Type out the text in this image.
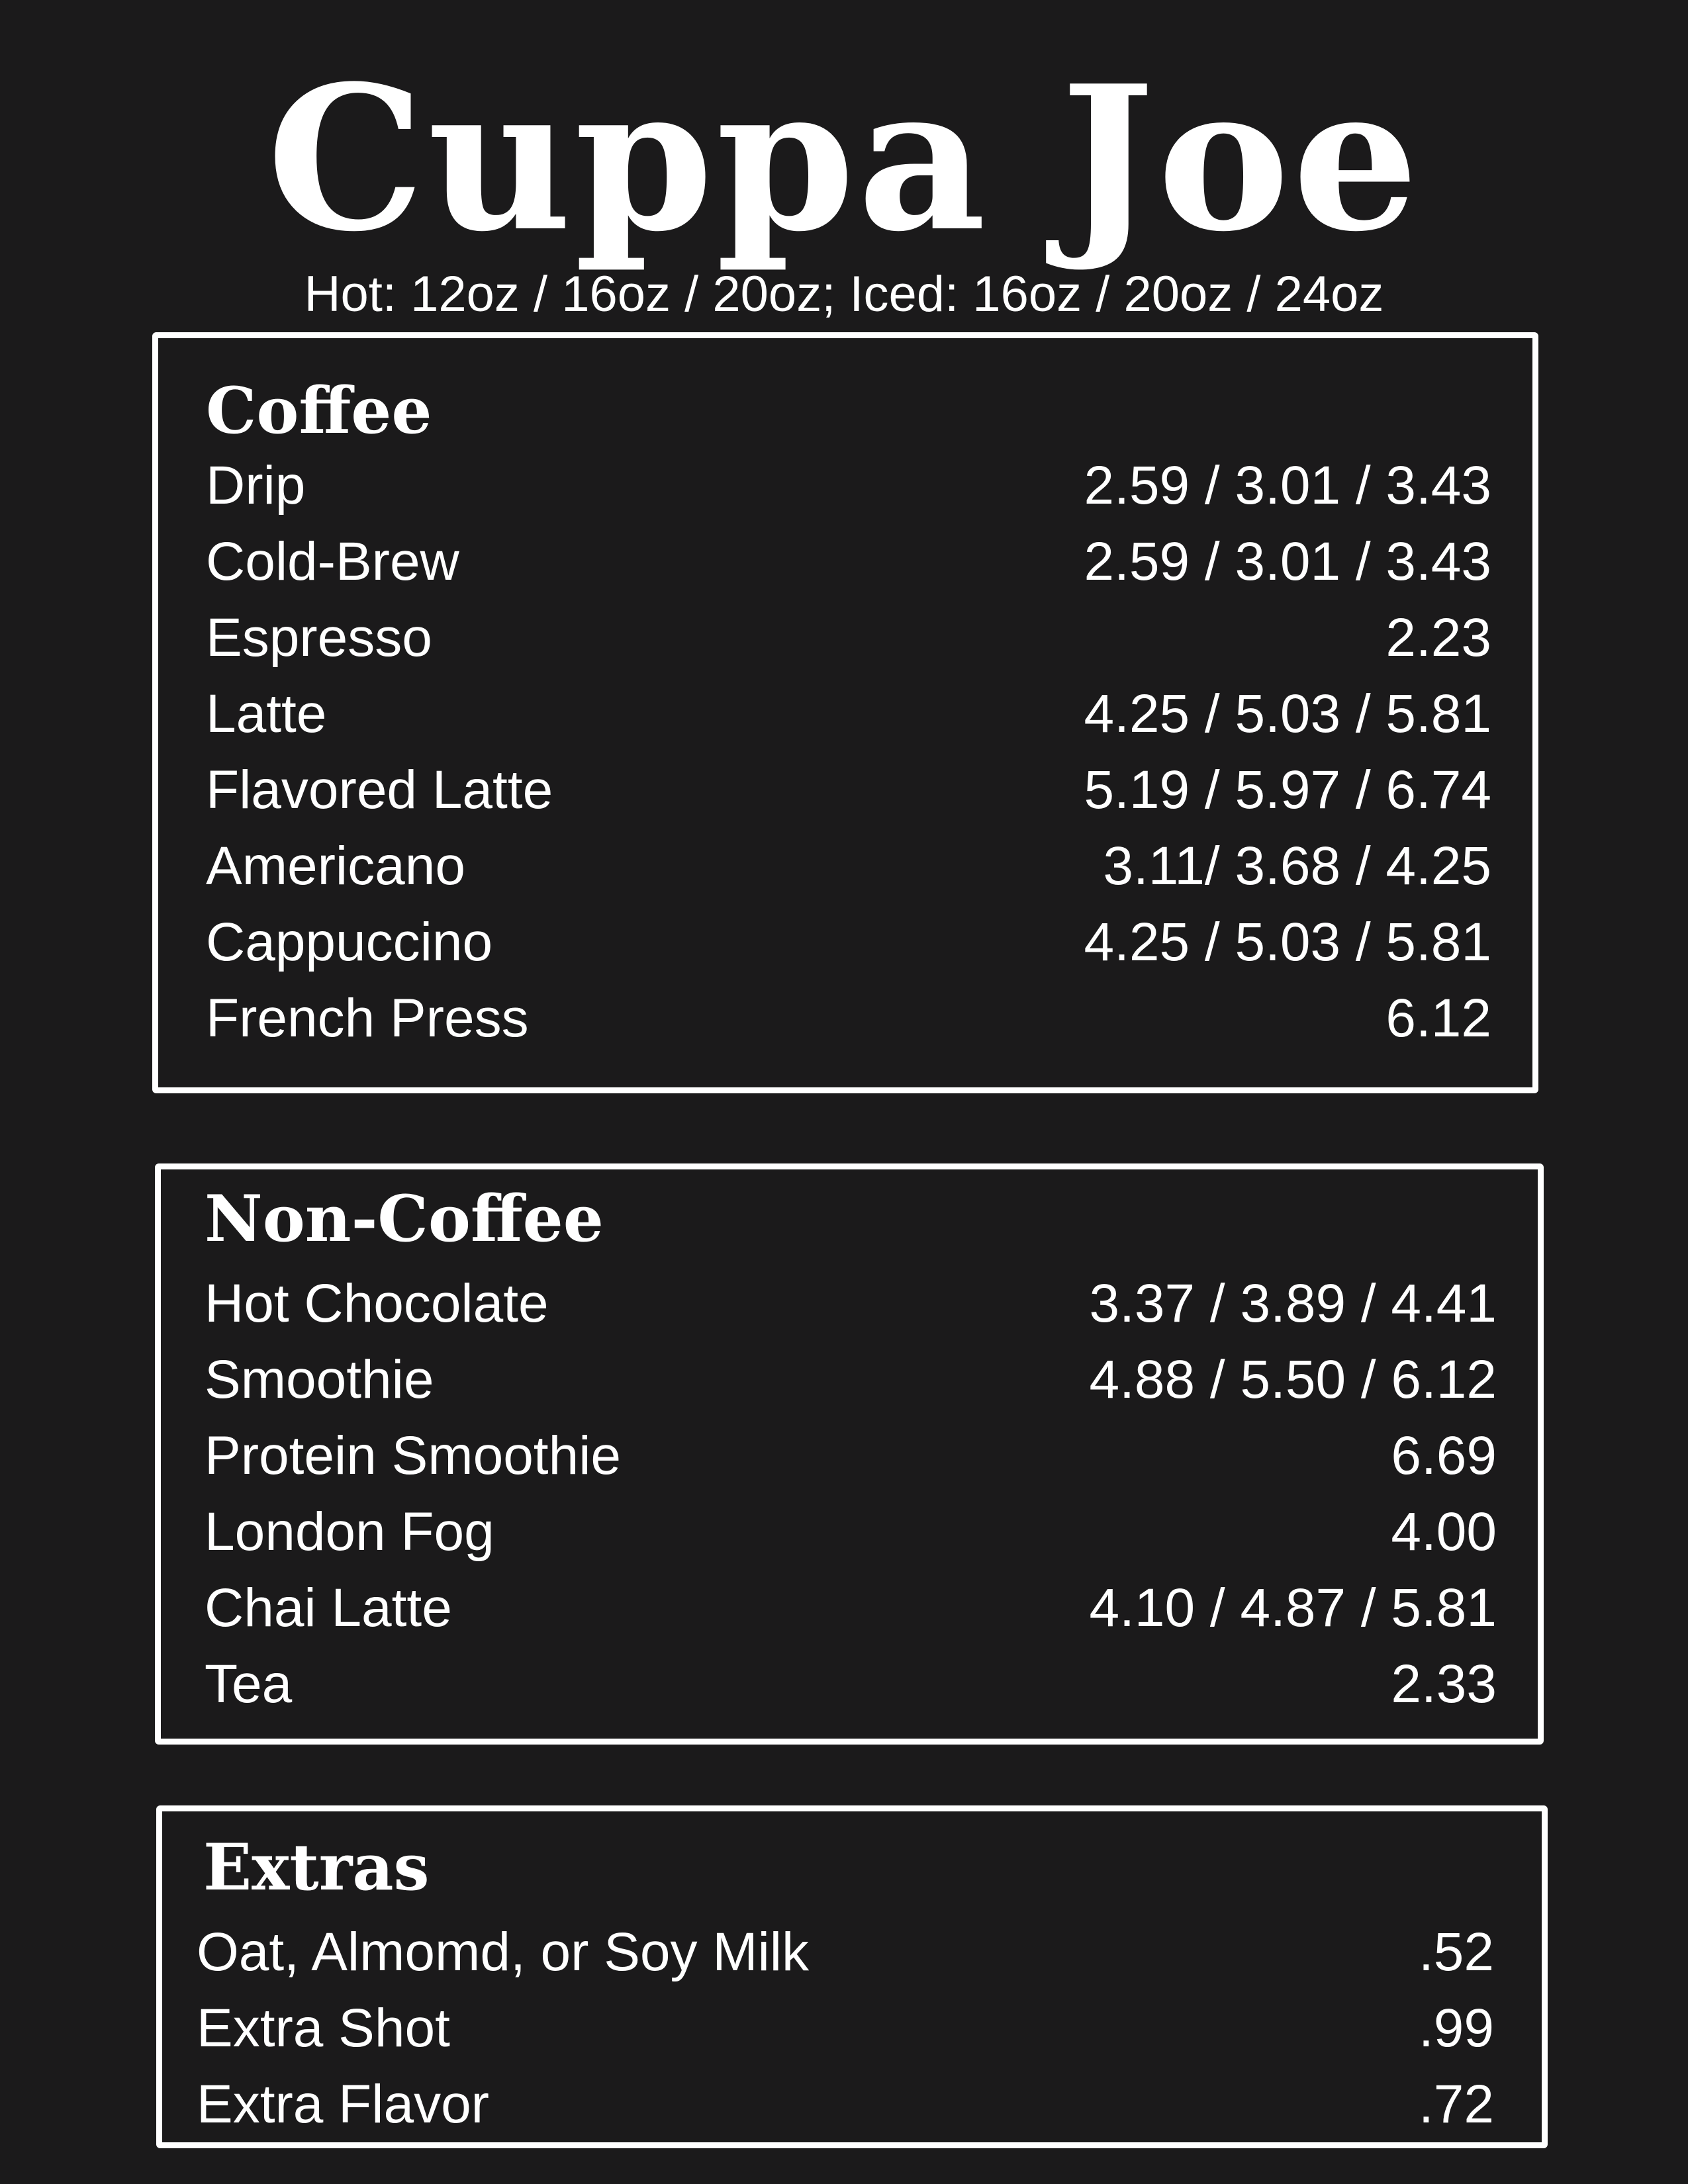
Cuppa Joe
Hot: 12oz / 16oz / 20oz; Iced: 16oz / 20oz / 24oz
Coffee
Drip	2.59 / 3.01 / 3.43
Cold-Brew	2.59 / 3.01 / 3.43
Espresso	2.23
Latte	4.25 / 5.03 / 5.81
Flavored Latte	5.19 / 5.97 / 6.74
Americano	3.11/ 3.68 / 4.25
Cappuccino	4.25 / 5.03 / 5.81
French Press	6.12
Non-Coffee
Hot Chocolate	3.37 / 3.89 / 4.41
Smoothie	4.88 / 5.50 / 6.12
Protein Smoothie	6.69
London Fog	4.00
Chai Latte	4.10 / 4.87 / 5.81
Tea	2.33
Extras
Oat, Almomd, or Soy Milk	.52
Extra Shot	.99
Extra Flavor	.72
